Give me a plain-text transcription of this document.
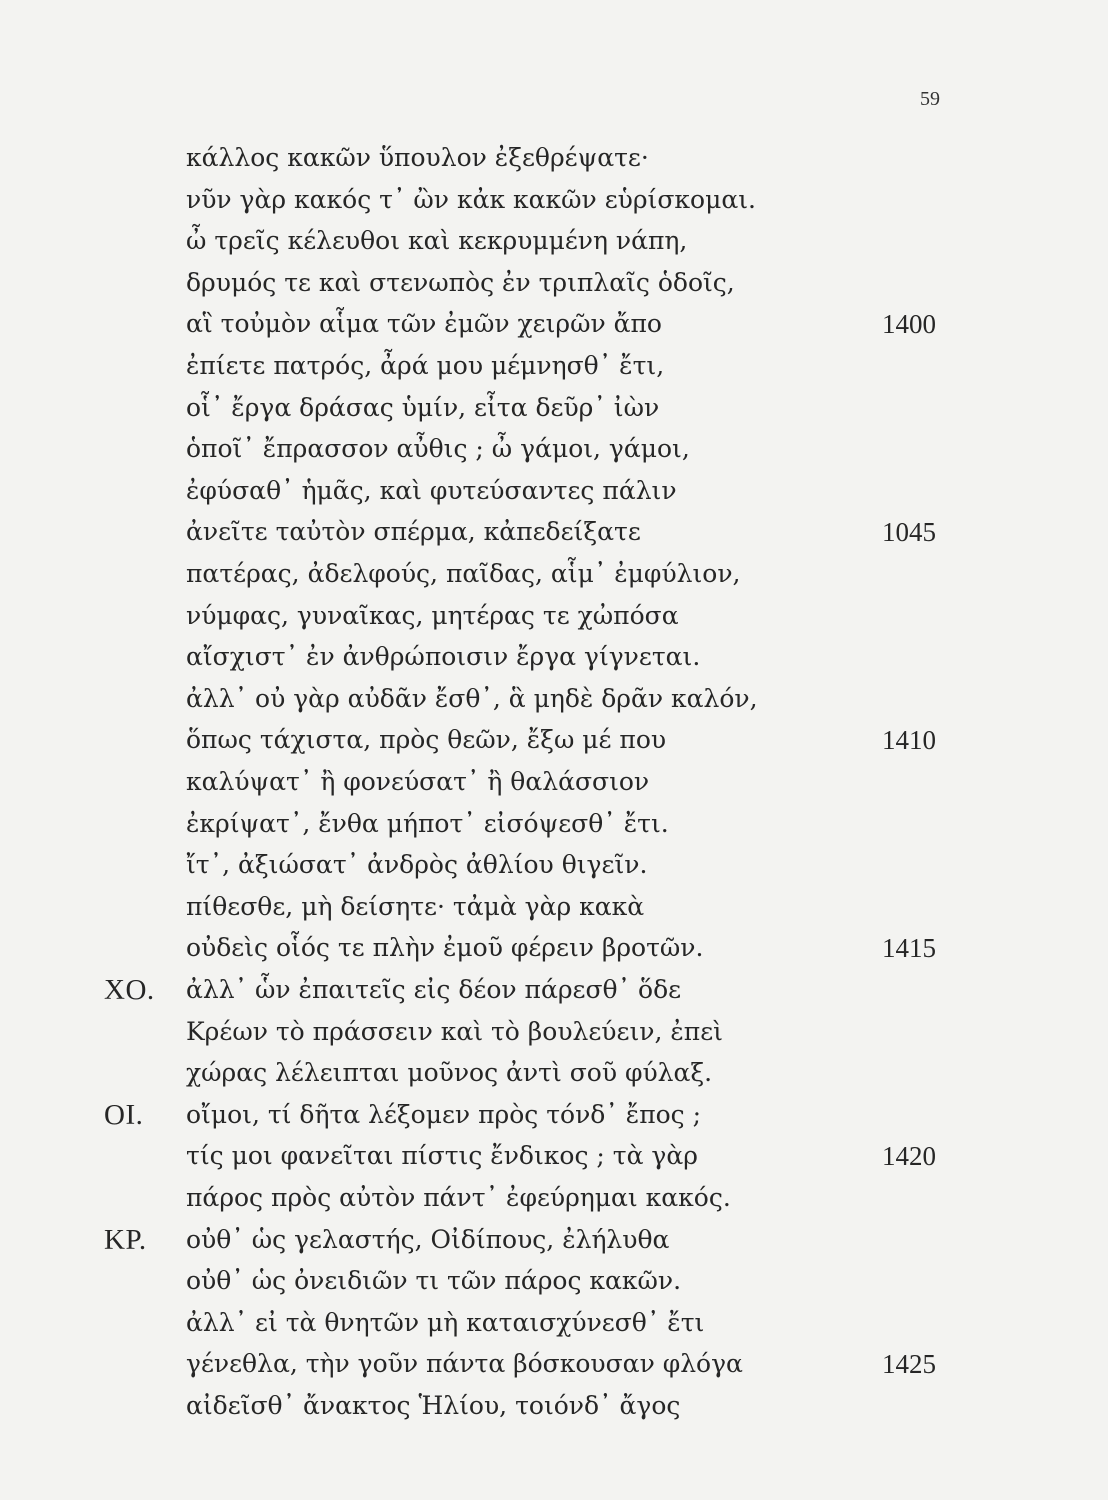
59
κάλλος κακῶν ὕπουλον ἐξεθρέψατε·
νῦν γὰρ κακός τ᾽ ὢν κἀκ κακῶν εὑρίσκομαι.
ὦ τρεῖς κέλευθοι καὶ κεκρυμμένη νάπη,
δρυμός τε καὶ στενωπὸς ἐν τριπλαῖς ὁδοῖς,
αἳ τοὐμὸν αἷμα τῶν ἐμῶν χειρῶν ἄπο	1400
ἐπίετε πατρός, ἆρά μου μέμνησθ᾽ ἔτι,
οἷ᾽ ἔργα δράσας ὑμίν, εἶτα δεῦρ᾽ ἰὼν
ὁποῖ᾽ ἔπρασσον αὖθις ; ὦ γάμοι, γάμοι,
ἐφύσαθ᾽ ἡμᾶς, καὶ φυτεύσαντες πάλιν
ἀνεῖτε ταὐτὸν σπέρμα, κἀπεδείξατε	1045
πατέρας, ἀδελφούς, παῖδας, αἷμ᾽ ἐμφύλιον,
νύμφας, γυναῖκας, μητέρας τε χὠπόσα
αἴσχιστ᾽ ἐν ἀνθρώποισιν ἔργα γίγνεται.
ἀλλ᾽ οὐ γὰρ αὐδᾶν ἔσθ᾽, ἃ μηδὲ δρᾶν καλόν,
ὅπως τάχιστα, πρὸς θεῶν, ἔξω μέ που	1410
καλύψατ᾽ ἢ φονεύσατ᾽ ἢ θαλάσσιον
ἐκρίψατ᾽, ἔνθα μήποτ᾽ εἰσόψεσθ᾽ ἔτι.
ἴτ᾽, ἀξιώσατ᾽ ἀνδρὸς ἀθλίου θιγεῖν.
πίθεσθε, μὴ δείσητε· τἀμὰ γὰρ κακὰ
οὐδεὶς οἷός τε πλὴν ἐμοῦ φέρειν βροτῶν.	1415
ΧΟ. ἀλλ᾽ ὧν ἐπαιτεῖς εἰς δέον πάρεσθ᾽ ὅδε
Κρέων τὸ πράσσειν καὶ τὸ βουλεύειν, ἐπεὶ
χώρας λέλειπται μοῦνος ἀντὶ σοῦ φύλαξ.
ΟΙ. οἴμοι, τί δῆτα λέξομεν πρὸς τόνδ᾽ ἔπος ;
τίς μοι φανεῖται πίστις ἔνδικος ; τὰ γὰρ	1420
πάρος πρὸς αὐτὸν πάντ᾽ ἐφεύρημαι κακός.
ΚΡ. οὐθ᾽ ὡς γελαστής, Οἰδίπους, ἐλήλυθα
οὐθ᾽ ὡς ὀνειδιῶν τι τῶν πάρος κακῶν.
ἀλλ᾽ εἰ τὰ θνητῶν μὴ καταισχύνεσθ᾽ ἔτι
γένεθλα, τὴν γοῦν πάντα βόσκουσαν φλόγα	1425
αἰδεῖσθ᾽ ἄνακτος Ἡλίου, τοιόνδ᾽ ἄγος
